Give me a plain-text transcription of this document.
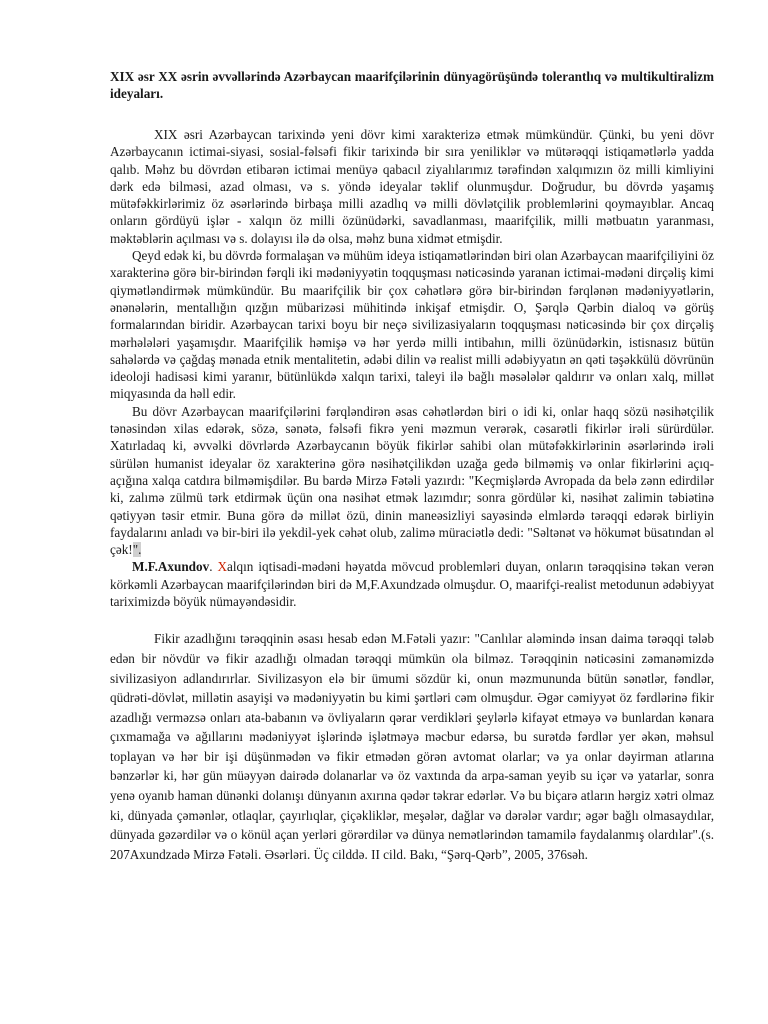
XIX əsr XX əsrin əvvəllərində Azərbaycan maarifçilərinin dünyagörüşündə tolerantlıq və multikultiralizm ideyaları.

XIX əsri Azərbaycan tarixində yeni dövr kimi xarakterizə etmək mümkündür. Çünki, bu yeni dövr Azərbaycanın ictimai-siyasi, sosial-fəlsəfi fikir tarixində bir sıra yeniliklər və mütərəqqi istiqamətlərlə yadda qalıb. Məhz bu dövrdən etibarən ictimai menüyə qabacıl ziyalılarımız tərəfindən xalqımızın öz milli kimliyini dərk edə bilməsi, azad olması, və s. yöndə ideyalar təklif olunmuşdur. Doğrudur, bu dövrdə yaşamış mütəfəkkirlərimiz öz əsərlərində birbaşa milli azadlıq və milli dövlətçilik problemlərini qoymayıblar. Ancaq onların gördüyü işlər - xalqın öz milli özünüdərki, savadlanması, maarifçilik, milli mətbuatın yaranması, məktəblərin açılması və s. dolayısı ilə də olsa, məhz buna xidmət etmişdir.

Qeyd edək ki, bu dövrdə formalaşan və mühüm ideya istiqamətlərindən biri olan Azərbaycan maarifçiliyini öz xarakterinə görə bir-birindən fərqli iki mədəniyyətin toqquşması nəticəsində yaranan ictimai-mədəni dirçəliş kimi qiymətləndirmək mümkündür. Bu maarifçilik bir çox cəhətlərə görə bir-birindən fərqlənən mədəniyyətlərin, ənənələrin, mentallığın qızğın mübarizəsi mühitində inkişaf etmişdir. O, Şərqlə Qərbin dialoq və görüş formalarından biridir. Azərbaycan tarixi boyu bir neçə sivilizasiyaların toqquşması nəticəsində bir çox dirçəliş mərhələləri yaşamışdır. Maarifçilik həmişə və hər yerdə milli intibahın, milli özünüdərkin, istisnasız bütün sahələrdə və çağdaş mənada etnik mentalitetin, ədəbi dilin və realist milli ədəbiyyatın ən qəti təşəkkülü dövrünün ideoloji hadisəsi kimi yaranır, bütünlükdə xalqın tarixi, taleyi ilə bağlı məsələlər qaldırır və onları xalq, millət miqyasında da həll edir.

Bu dövr Azərbaycan maarifçilərini fərqləndirən əsas cəhətlərdən biri o idi ki, onlar haqq sözü nəsihətçilik tənəsindən xilas edərək, sözə, sənətə, fəlsəfi fikrə yeni məzmun verərək, cəsarətli fikirlər irəli sürürdülər. Xatırladaq ki, əvvəlki dövrlərdə Azərbaycanın böyük fikirlər sahibi olan mütəfəkkirlərinin əsərlərində irəli sürülən humanist ideyalar öz xarakterinə görə nəsihətçilikdən uzağa gedə bilməmiş və onlar fikirlərini açıq-açığına xalqa catdıra bilməmişdilər. Bu bardə Mirzə Fətəli yazırdı: "Keçmişlərdə Avropada da belə zənn edirdilər ki, zalımə zülmü tərk etdirmək üçün ona nəsihət etmək lazımdır; sonra gördülər ki, nəsihət zalimin təbiətinə qətiyyən təsir etmir. Buna görə də millət özü, dinin maneəsizliyi sayəsində elmlərdə tərəqqi edərək birliyin faydalarını anladı və bir-biri ilə yekdil-yek cəhət olub, zalimə müraciətlə dedi: "Səltənət və hökumət büsatından əl çək!".

M.F.Axundov. Xalqın iqtisadi-mədəni həyatda mövcud problemləri duyan, onların tərəqqisinə təkan verən körkəmli Azərbaycan maarifçilərindən biri də M,F.Axundzadə olmuşdur. O, maarifçi-realist metodunun ədəbiyyat tariximizdə böyük nümayəndəsidir.

Fikir azadlığını tərəqqinin əsası hesab edən M.Fətəli yazır: "Canlılar aləmində insan daima tərəqqi tələb edən bir növdür və fikir azadlığı olmadan tərəqqi mümkün ola bilməz. Tərəqqinin nəticəsini zəmanəmizdə sivilizasiyon adlandırırlar. Sivilizasyon elə bir ümumi sözdür ki, onun məzmununda bütün sənətlər, fəndlər, qüdrəti-dövlət, millətin asayişi və mədəniyyətin bu kimi şərtləri cəm olmuşdur. Əgər cəmiyyət öz fərdlərinə fikir azadlığı verməzsə onları ata-babanın və övliyaların qərar verdikləri şeylərlə kifayət etməyə və bunlardan kənara çıxmamağa və ağıllarını mədəniyyət işlərində işlətməyə məcbur edərsə, bu surətdə fərdlər yer əkən, məhsul toplayan və hər bir işi düşünmədən və fikir etmədən görən avtomat olarlar; və ya onlar dəyirman atlarına bənzərlər ki, hər gün müəyyən dairədə dolanarlar və öz vaxtında da arpa-saman yeyib su içər və yatarlar, sonra yenə oyanıb haman dünənki dolanışı dünyanın axırına qədər təkrar edərlər. Və bu biçarə atların hərgiz xətri olmaz ki, dünyada çəmənlər, otlaqlar, çayırlıqlar, çiçəkliklər, meşələr, dağlar və dərələr vardır; əgər bağlı olmasaydılar, dünyada gəzərdilər və o könül açan yerləri görərdilər və dünya nemətlərindən tamamilə faydalanmış olardılar".(s. 207Axundzadə Mirzə Fətəli. Əsərləri. Üç cilddə. II cild. Bakı, “Şərq-Qərb”, 2005, 376səh.
